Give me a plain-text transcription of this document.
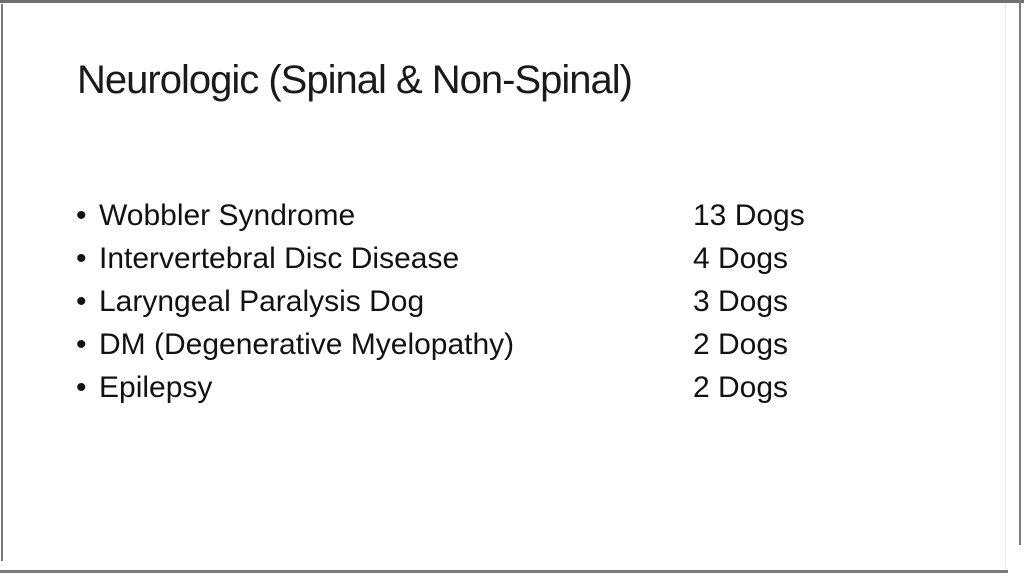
Neurologic (Spinal & Non-Spinal)
• Wobbler Syndrome	13 Dogs
• Intervertebral Disc Disease	4 Dogs
• Laryngeal Paralysis Dog	3 Dogs
• DM (Degenerative Myelopathy)	2 Dogs
• Epilepsy	2 Dogs
